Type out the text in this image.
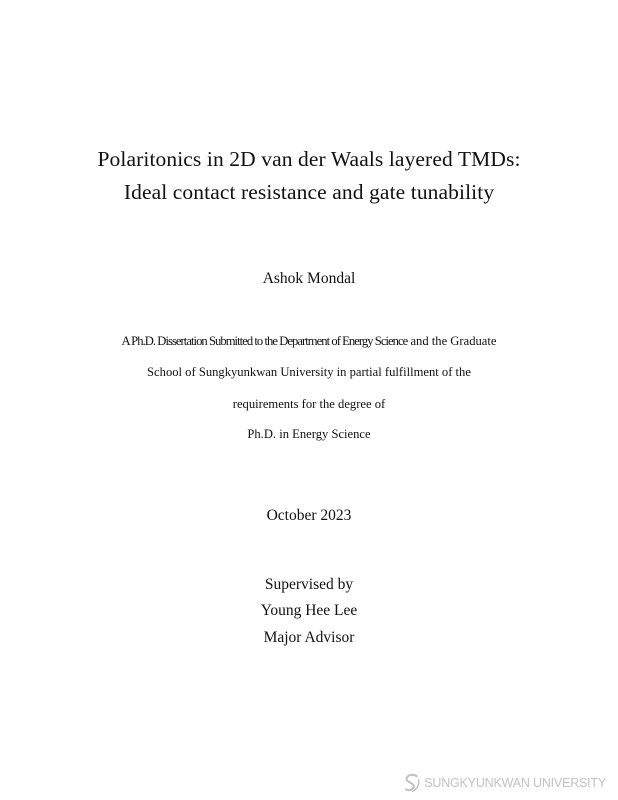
Polaritonics in 2D van der Waals layered TMDs:
Ideal contact resistance and gate tunability
Ashok Mondal
A Ph.D. Dissertation Submitted to the Department of Energy Science and the Graduate
School of Sungkyunkwan University in partial fulfillment of the
requirements for the degree of
Ph.D. in Energy Science
October 2023
Supervised by
Young Hee Lee
Major Advisor
SUNGKYUNKWAN UNIVERSITY
